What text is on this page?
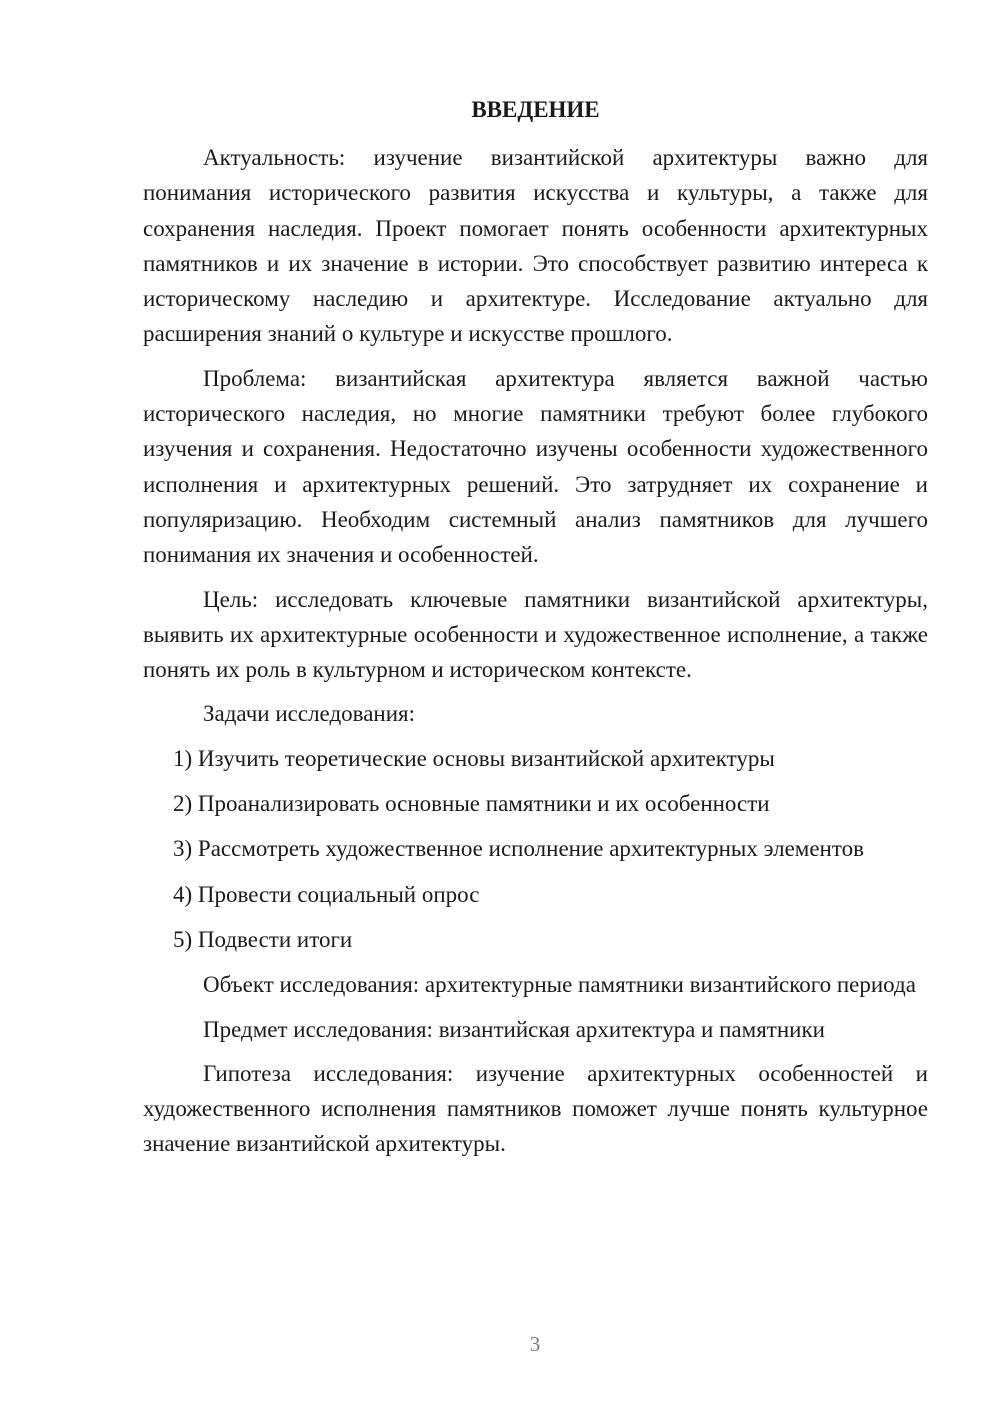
ВВЕДЕНИЕ

Актуальность: изучение византийской архитектуры важно для понимания исторического развития искусства и культуры, а также для сохранения наследия. Проект помогает понять особенности архитектурных памятников и их значение в истории. Это способствует развитию интереса к историческому наследию и архитектуре. Исследование актуально для расширения знаний о культуре и искусстве прошлого.

Проблема: византийская архитектура является важной частью исторического наследия, но многие памятники требуют более глубокого изучения и сохранения. Недостаточно изучены особенности художественного исполнения и архитектурных решений. Это затрудняет их сохранение и популяризацию. Необходим системный анализ памятников для лучшего понимания их значения и особенностей.

Цель: исследовать ключевые памятники византийской архитектуры, выявить их архитектурные особенности и художественное исполнение, а также понять их роль в культурном и историческом контексте.

Задачи исследования:

1) Изучить теоретические основы византийской архитектуры
2) Проанализировать основные памятники и их особенности
3) Рассмотреть художественное исполнение архитектурных элементов
4) Провести социальный опрос
5) Подвести итоги

Объект исследования: архитектурные памятники византийского периода

Предмет исследования: византийская архитектура и памятники

Гипотеза исследования: изучение архитектурных особенностей и художественного исполнения памятников поможет лучше понять культурное значение византийской архитектуры.

3
